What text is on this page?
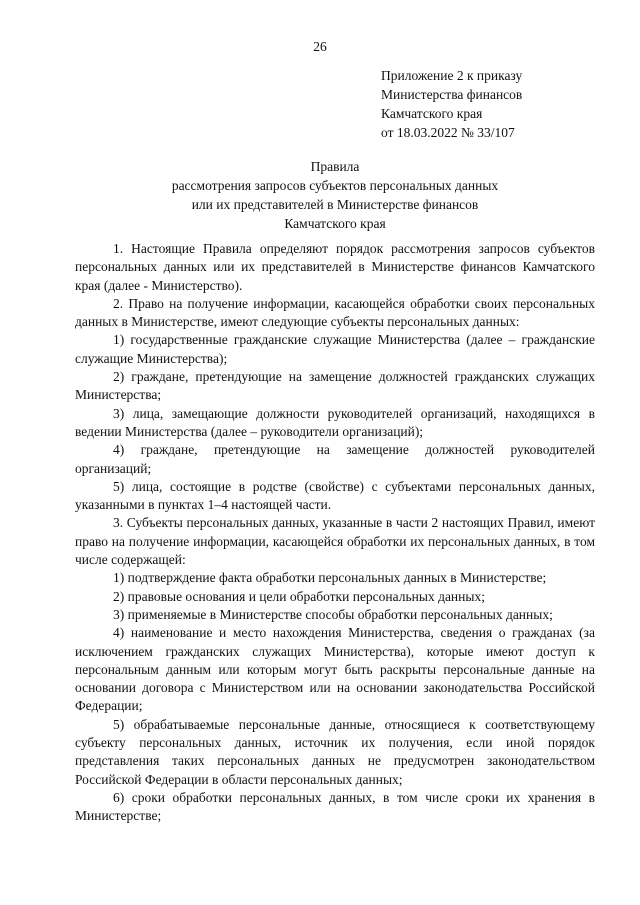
26
Приложение 2 к приказу
Министерства финансов
Камчатского края
от 18.03.2022 № 33/107
Правила
рассмотрения запросов субъектов персональных данных
или их представителей в Министерстве финансов
Камчатского края

1. Настоящие Правила определяют порядок рассмотрения запросов субъектов персональных данных или их представителей в Министерстве финансов Камчатского края (далее - Министерство).

2. Право на получение информации, касающейся обработки своих персональных данных в Министерстве, имеют следующие субъекты персональных данных:

1) государственные гражданские служащие Министерства (далее – гражданские служащие Министерства);

2) граждане, претендующие на замещение должностей гражданских служащих Министерства;

3) лица, замещающие должности руководителей организаций, находящихся в ведении Министерства (далее – руководители организаций);

4) граждане, претендующие на замещение должностей руководителей организаций;

5) лица, состоящие в родстве (свойстве) с субъектами персональных данных, указанными в пунктах 1–4 настоящей части.

3. Субъекты персональных данных, указанные в части 2 настоящих Правил, имеют право на получение информации, касающейся обработки их персональных данных, в том числе содержащей:

1) подтверждение факта обработки персональных данных в Министерстве;

2) правовые основания и цели обработки персональных данных;

3) применяемые в Министерстве способы обработки персональных данных;

4) наименование и место нахождения Министерства, сведения о гражданах (за исключением гражданских служащих Министерства), которые имеют доступ к персональным данным или которым могут быть раскрыты персональные данные на основании договора с Министерством или на основании законодательства Российской Федерации;

5) обрабатываемые персональные данные, относящиеся к соответствующему субъекту персональных данных, источник их получения, если иной порядок представления таких персональных данных не предусмотрен законодательством Российской Федерации в области персональных данных;

6) сроки обработки персональных данных, в том числе сроки их хранения в Министерстве;
